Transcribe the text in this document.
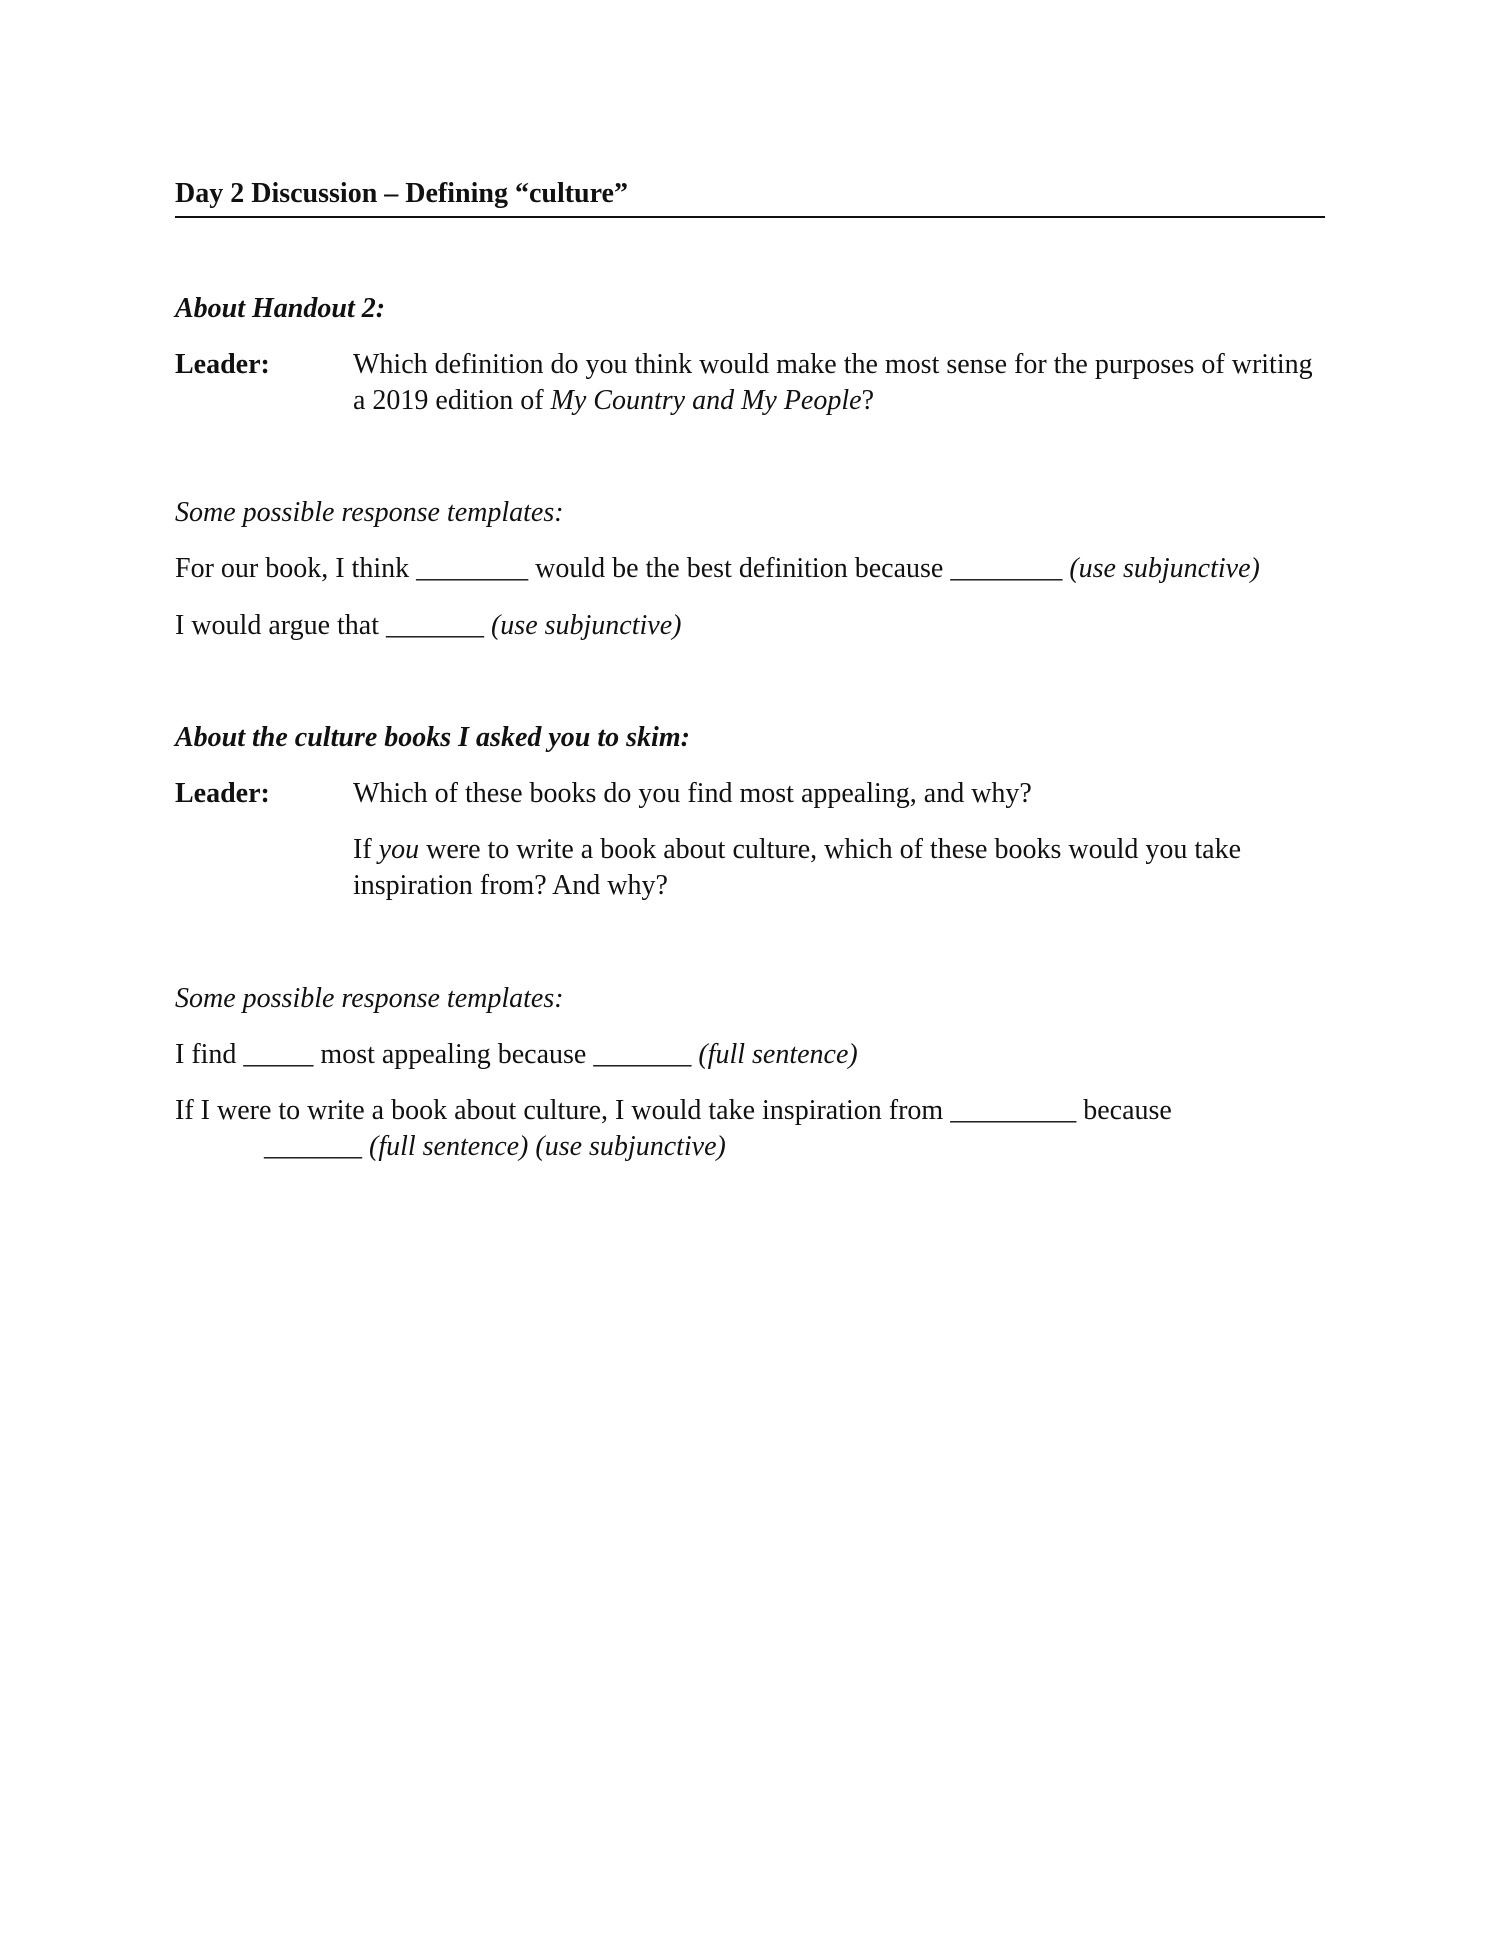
Day 2 Discussion – Defining “culture”
About Handout 2:
Leader:	Which definition do you think would make the most sense for the purposes of writing a 2019 edition of My Country and My People?
Some possible response templates:
For our book, I think ________ would be the best definition because ________ (use subjunctive)
I would argue that _______ (use subjunctive)
About the culture books I asked you to skim:
Leader:	Which of these books do you find most appealing, and why?
If you were to write a book about culture, which of these books would you take inspiration from? And why?
Some possible response templates:
I find _____ most appealing because _______ (full sentence)
If I were to write a book about culture, I would take inspiration from _________ because
_______ (full sentence) (use subjunctive)
